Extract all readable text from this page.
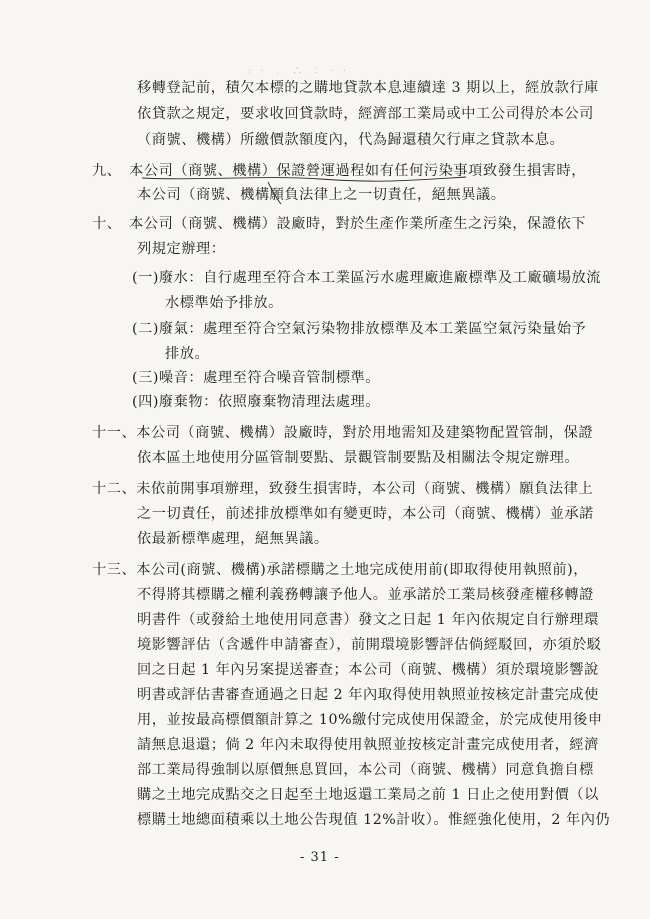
: · ﹒ ∴ ︰ · ·
移轉登記前，積欠本標的之購地貸款本息連續達 3 期以上，經放款行庫
依貸款之規定，要求收回貸款時，經濟部工業局或中工公司得於本公司
（商號、機構）所繳價款額度內，代為歸還積欠行庫之貸款本息。
九、　本公司（商號、機構）保證營運過程如有任何污染事項致發生損害時，
本公司（商號、機構願負法律上之一切責任，絕無異議。
十、　本公司（商號、機構）設廠時，對於生產作業所產生之污染，保證依下
列規定辦理：
(一)廢水：自行處理至符合本工業區污水處理廠進廠標準及工廠礦場放流
水標準始予排放。
(二)廢氣：處理至符合空氣污染物排放標準及本工業區空氣污染量始予
排放。
(三)噪音：處理至符合噪音管制標準。
(四)廢棄物：依照廢棄物清理法處理。
十一、本公司（商號、機構）設廠時，對於用地需知及建築物配置管制，保證
依本區土地使用分區管制要點、景觀管制要點及相關法令規定辦理。
十二、未依前開事項辦理，致發生損害時，本公司（商號、機構）願負法律上
之一切責任，前述排放標準如有變更時，本公司（商號、機構）並承諾
依最新標準處理，絕無異議。
十三、本公司(商號、機構)承諾標購之土地完成使用前(即取得使用執照前)，
不得將其標購之權利義務轉讓予他人。並承諾於工業局核發產權移轉證
明書件（或發給土地使用同意書）發文之日起 1 年內依規定自行辦理環
境影響評估（含遞件申請審查），前開環境影響評估倘經駁回，亦須於駁
回之日起 1 年內另案提送審查；本公司（商號、機構）須於環境影響說
明書或評估書審查通過之日起 2 年內取得使用執照並按核定計畫完成使
用，並按最高標價額計算之 10%繳付完成使用保證金，於完成使用後申
請無息退還；倘 2 年內未取得使用執照並按核定計畫完成使用者，經濟
部工業局得強制以原價無息買回，本公司（商號、機構）同意負擔自標
購之土地完成點交之日起至土地返還工業局之前 1 日止之使用對價（以
標購土地總面積乘以土地公告現值 12%計收）。惟經強化使用，2 年內仍
- 31 -
